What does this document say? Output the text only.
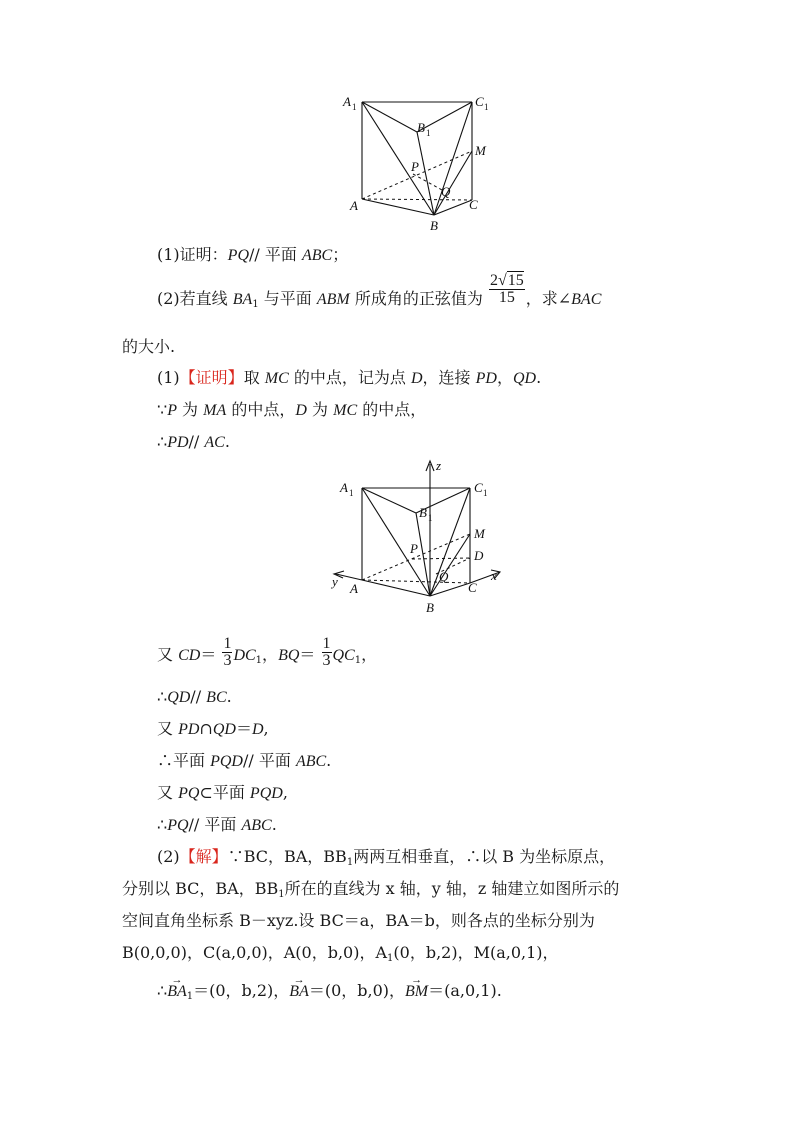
A 1	C 1
B 1
P
M
Q
A
B
C
(1)证明：PQ// 平面 ABC；
(2)若直线 $BA_1$ 与平面 ABM 所成角的正弦值为 $\frac{2√15}{15}$ ，求∠BAC
的大小.
(1)【证明】取 MC 的中点，记为点 D，连接 PD，QD.
∵P 为 MA 的中点，D 为 MC 的中点，
∴PD// AC.
z
A 1	C 1
B 1
M
P	D
Q
y	x
A	C
B
又 $CD= \frac{1}{3} DC_1$，$BQ= \frac{1}{3} QC_1$，
∴QD// BC.
又 PD∩QD＝D,
∴平面 PQD// 平面 ABC.
又 PQ⊂平面 PQD,
∴PQ// 平面 ABC.
(2)【解】∵BC，BA，$BB_1$两两互相垂直，∴以 B 为坐标原点，
分别以 BC，BA，$BB_1$所在的直线为 x 轴，y 轴，z 轴建立如图所示的
空间直角坐标系 B－xyz.设 BC＝a，BA＝b，则各点的坐标分别为
B(0,0,0)，C(a,0,0)，A(0，b,0)，$A_1(0$，b,2)，M(a,0,1)，
∴→ $BA_1=(0$，b,2)，→ BA＝(0，b,0)，→ BM＝(a,0,1).
